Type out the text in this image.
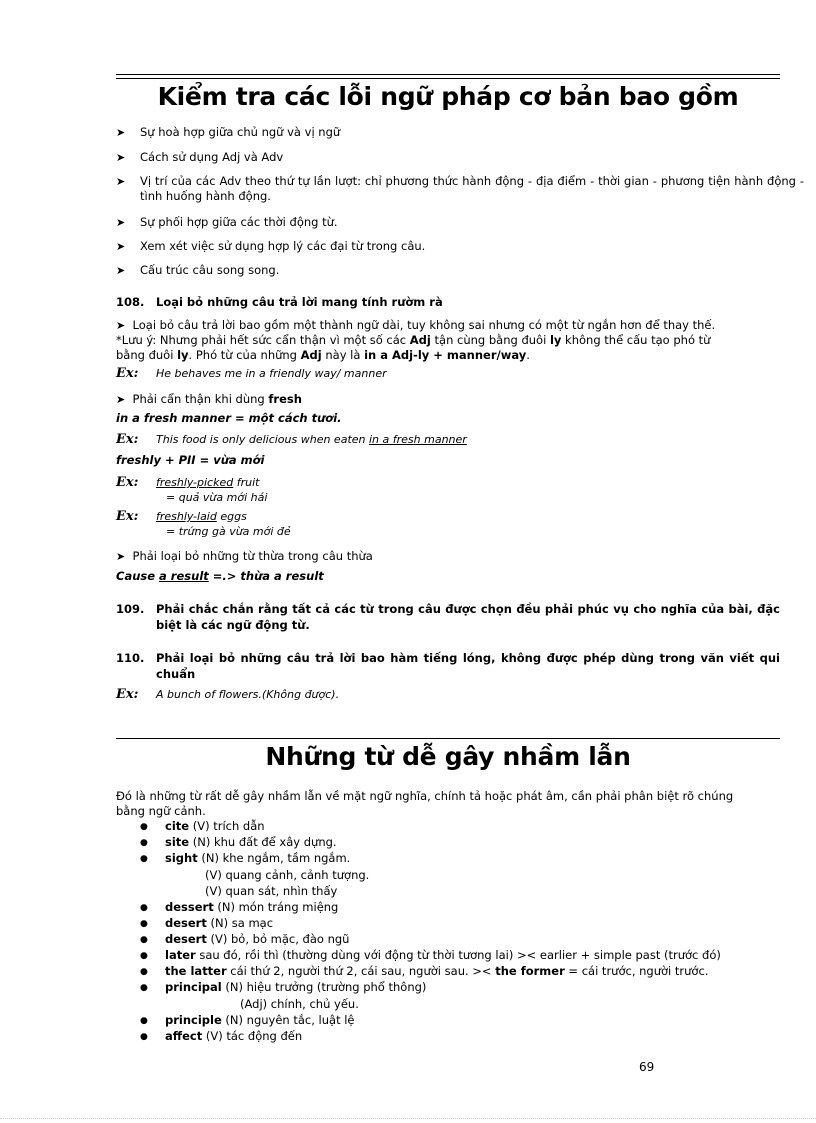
Kiểm tra các lỗi ngữ pháp cơ bản bao gồm
➤ Sự hoà hợp giữa chủ ngữ và vị ngữ
➤ Cách sử dụng Adj và Adv
➤ Vị trí của các Adv theo thứ tự lần lượt: chỉ phương thức hành động - địa điểm - thời gian - phương tiện hành động - tình huống hành động.
➤ Sự phối hợp giữa các thời động từ.
➤ Xem xét việc sử dụng hợp lý các đại từ trong câu.
➤ Cấu trúc câu song song.
108. Loại bỏ những câu trả lời mang tính rườm rà
➤ Loại bỏ câu trả lời bao gồm một thành ngữ dài, tuy không sai nhưng có một từ ngắn hơn để thay thế.
*Lưu ý: Nhưng phải hết sức cẩn thận vì một số các Adj tận cùng bằng đuôi ly không thể cấu tạo phó từ
bằng đuôi ly. Phó từ của những Adj này là in a Adj-ly + manner/way.
Ex: He behaves me in a friendly way/ manner
➤ Phải cẩn thận khi dùng fresh
in a fresh manner = một cách tươi.
Ex: This food is only delicious when eaten in a fresh manner
freshly + PII = vừa mới
Ex: freshly-picked fruit
= quả vừa mới hái
Ex: freshly-laid eggs
= trứng gà vừa mới đẻ
➤ Phải loại bỏ những từ thừa trong câu thừa
Cause a result =.> thừa a result
109. Phải chắc chắn rằng tất cả các từ trong câu được chọn đều phải phúc vụ cho nghĩa của bài, đặc biệt là các ngữ động từ.
110. Phải loại bỏ những câu trả lời bao hàm tiếng lóng, không được phép dùng trong văn viết qui chuẩn
Ex: A bunch of flowers.(Không được).
Những từ dễ gây nhầm lẫn
Đó là những từ rất dễ gây nhầm lẫn về mặt ngữ nghĩa, chính tả hoặc phát âm, cần phải phân biệt rõ chúng
bằng ngữ cảnh.
● cite (V) trích dẫn
● site (N) khu đất để xây dựng.
● sight (N) khe ngắm, tầm ngắm.
(V) quang cảnh, cảnh tượng.
(V) quan sát, nhìn thấy
● dessert (N) món tráng miệng
● desert (N) sa mạc
● desert (V) bỏ, bỏ mặc, đào ngũ
● later sau đó, rồi thì (thường dùng với động từ thời tương lai) >< earlier + simple past (trước đó)
● the latter cái thứ 2, người thứ 2, cái sau, người sau. >< the former = cái trước, người trước.
● principal (N) hiệu trưởng (trường phổ thông)
(Adj) chính, chủ yếu.
● principle (N) nguyên tắc, luật lệ
● affect (V) tác động đến
69
